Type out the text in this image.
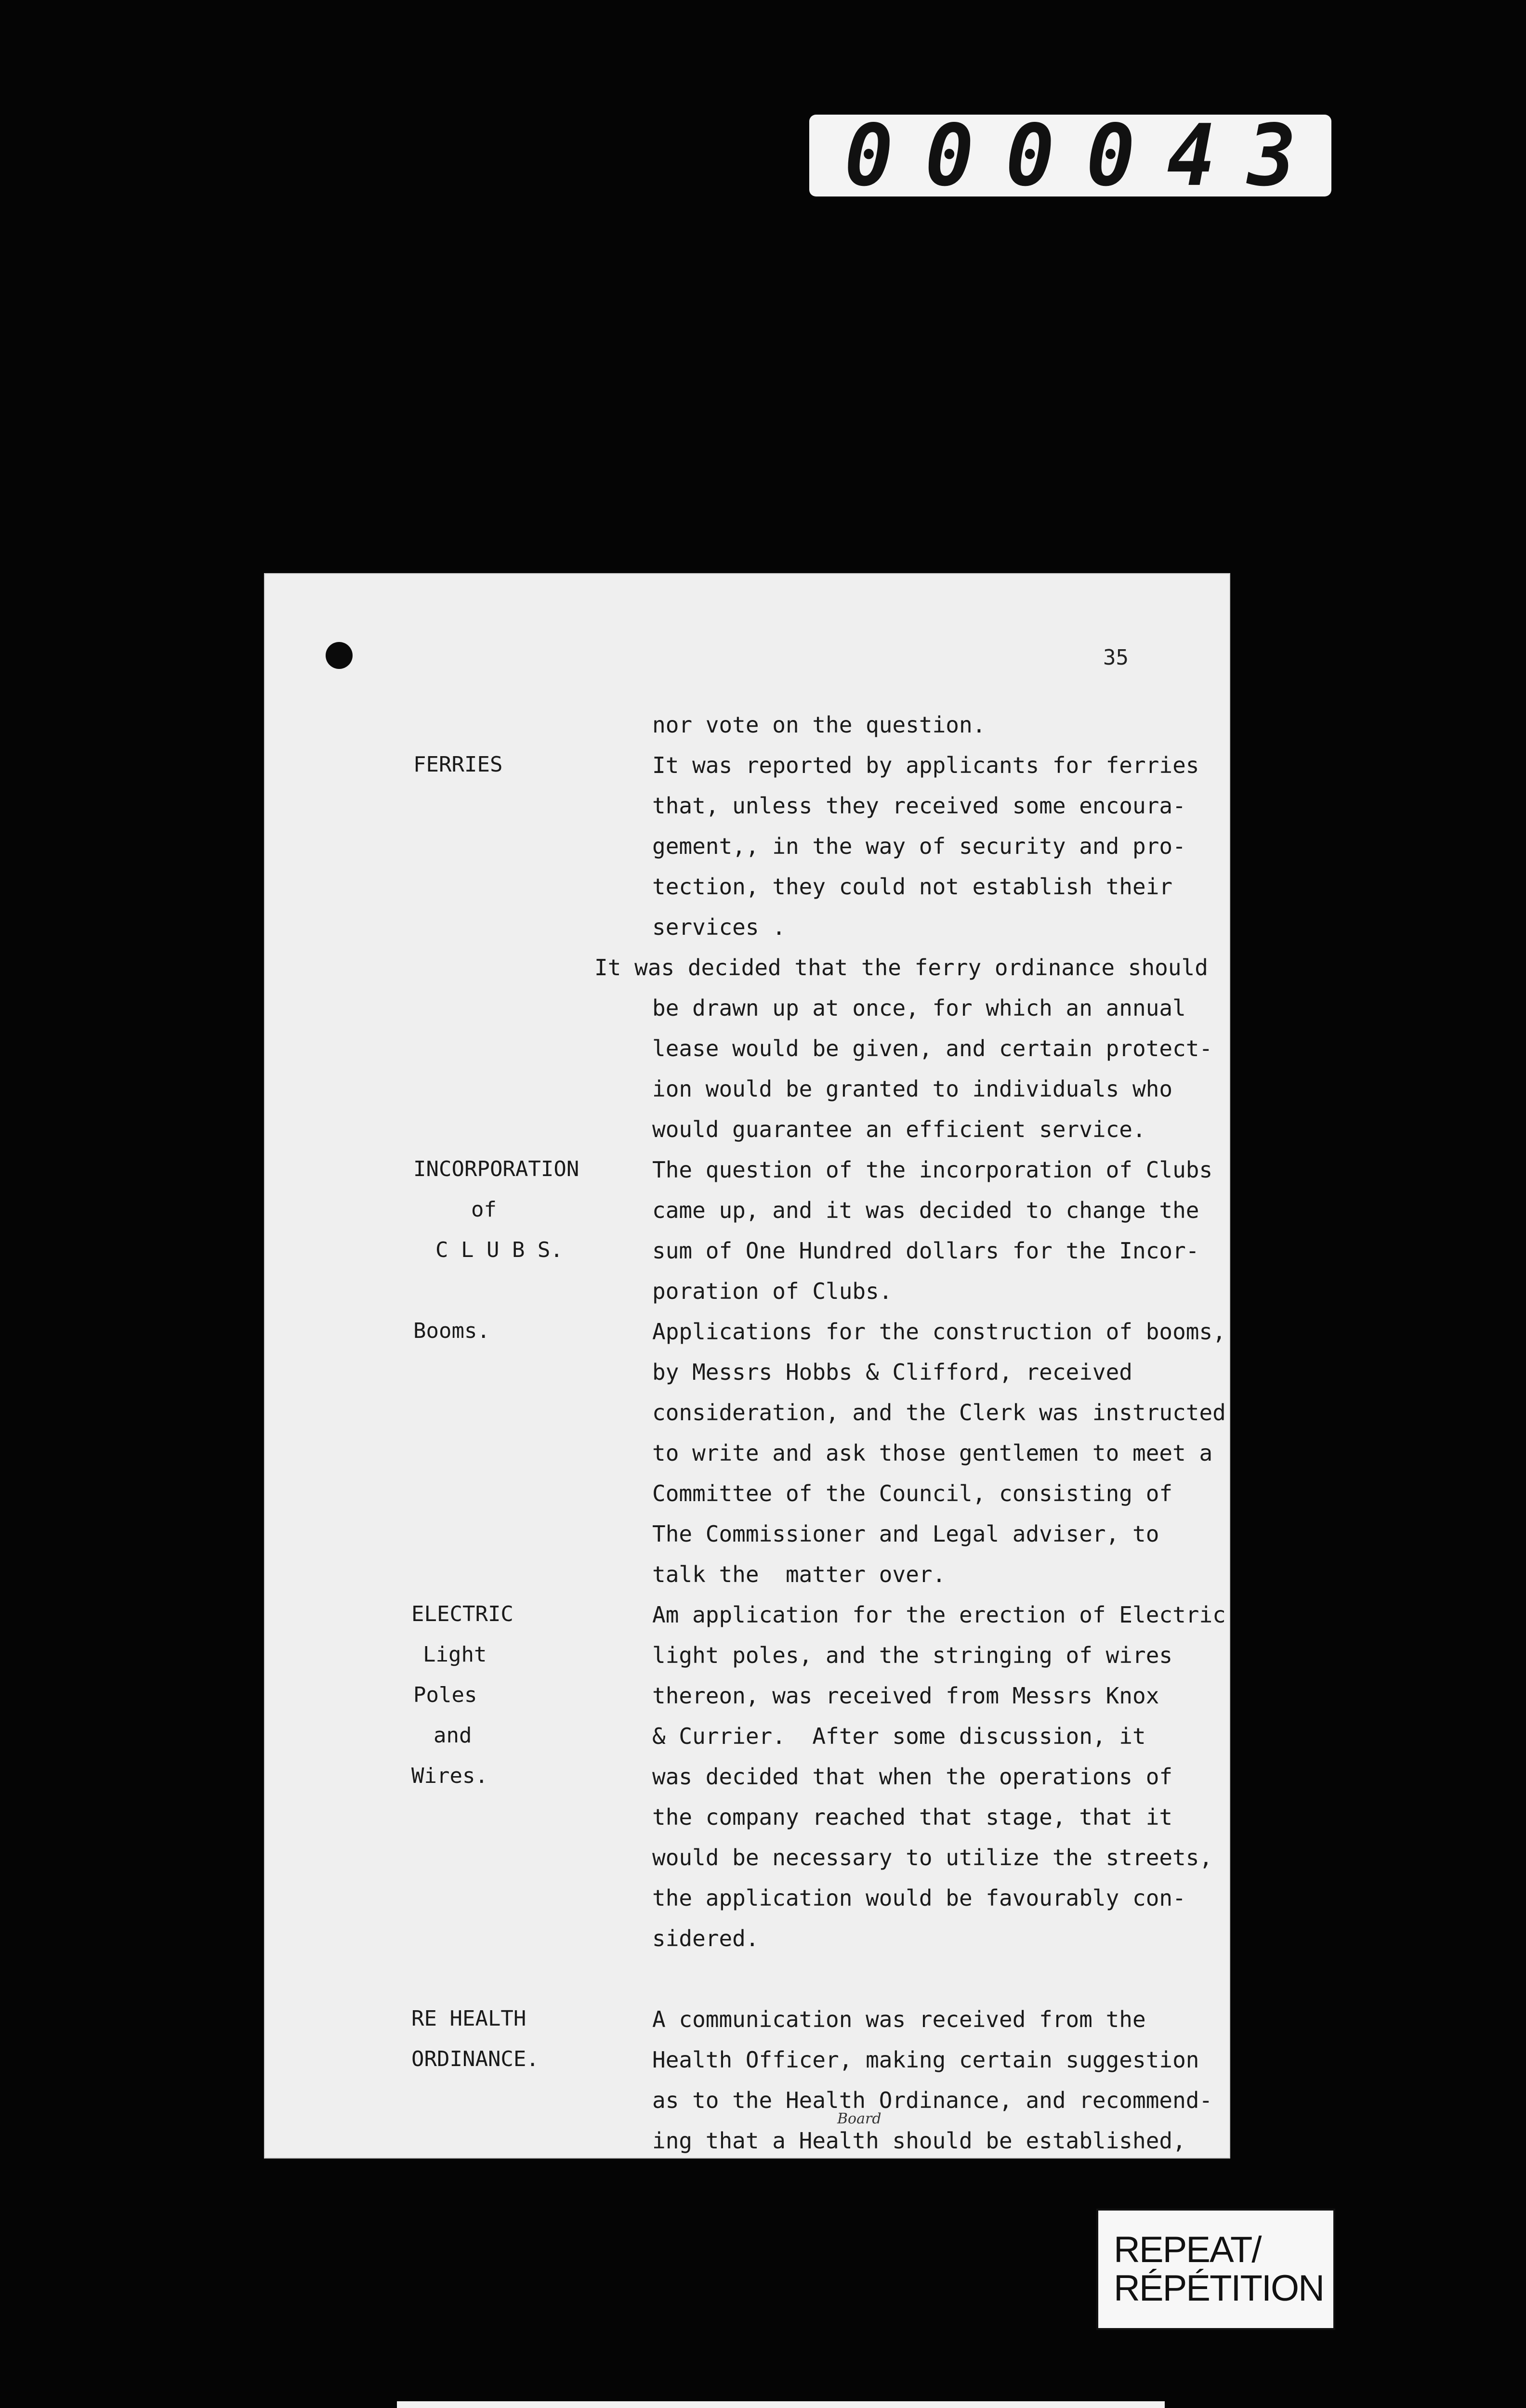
0 0 0 0 4 3
35
nor vote on the question.
It was reported by applicants for ferries
that, unless they received some encoura-
gement,, in the way of security and pro-
tection, they could not establish their
services .
It was decided that the ferry ordinance should
be drawn up at once, for which an annual
lease would be given, and certain protect-
ion would be granted to individuals who
would guarantee an efficient service.
The question of the incorporation of Clubs
came up, and it was decided to change the
sum of One Hundred dollars for the Incor-
poration of Clubs.
Applications for the construction of booms,
by Messrs Hobbs & Clifford, received
consideration, and the Clerk was instructed
to write and ask those gentlemen to meet a
Committee of the Council, consisting of
The Commissioner and Legal adviser, to
talk the  matter over.
Am application for the erection of Electric
light poles, and the stringing of wires
thereon, was received from Messrs Knox
& Currier.  After some discussion, it
was decided that when the operations of
the company reached that stage, that it
would be necessary to utilize the streets,
the application would be favourably con-
sidered.
A communication was received from the
Health Officer, making certain suggestion
as to the Health Ordinance, and recommend-
ing that a Health should be established,
Board
FERRIES
INCORPORATION
of
C L U B S.
Booms.
ELECTRIC
Light
Poles
and
Wires.
RE HEALTH
ORDINANCE.
REPEAT/
RÉPÉTITION
